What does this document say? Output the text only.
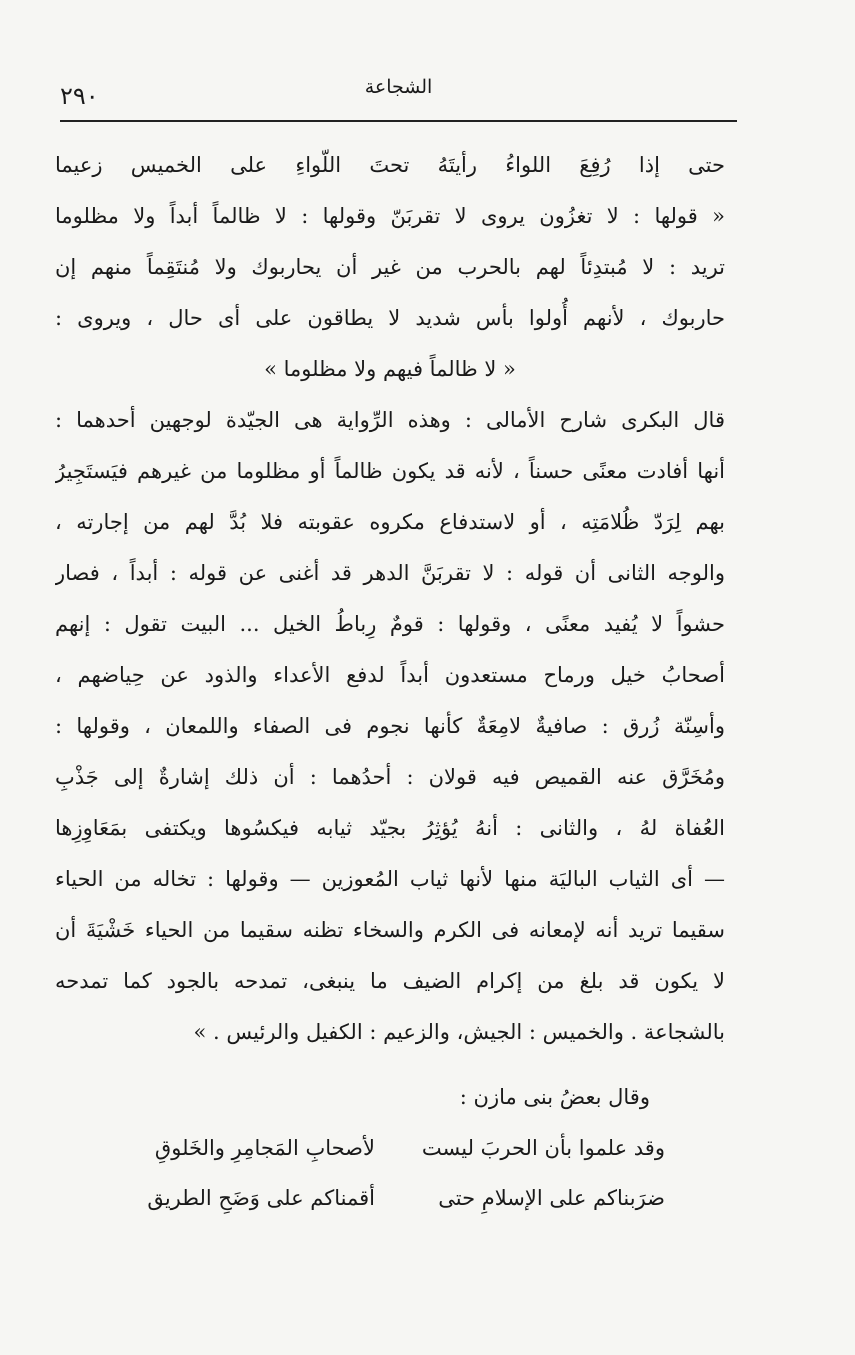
٢٩٠	الشجاعة
حتى إذا رُفِعَ اللواءُ رأيتَهُ تحتَ اللّواءِ على الخميس زعيما
« قولها : لا تغزُون يروى لا تقربَنّ وقولها : لا ظالماً أبداً ولا مظلوما
تريد : لا مُبتدِئاً لهم بالحرب من غير أن يحاربوك ولا مُنتَقِماً منهم إن
حاربوك ، لأنهم أُولوا بأس شديد لا يطاقون على أى حال ، ويروى :
« لا ظالماً فيهم ولا مظلوما »
قال البكرى شارح الأمالى : وهذه الرِّواية هى الجيّدة لوجهين أحدهما :
أنها أفادت معنًى حسناً ، لأنه قد يكون ظالماً أو مظلوما من غيرهم فيَستَجِيرُ
بهم لِرَدّ ظُلامَتِه ، أو لاستدفاع مكروه عقوبته فلا بُدَّ لهم من إجارته ،
والوجه الثانى أن قوله : لا تقربَنَّ الدهر قد أغنى عن قوله : أبداً ، فصار
حشواً لا يُفيد معنًى ، وقولها : قومٌ رِباطُ الخيل ... البيت تقول : إنهم
أصحابُ خيل ورماح مستعدون أبداً لدفع الأعداء والذود عن حِياضهم ،
وأسِنّة زُرق : صافيةٌ لامِعَةٌ كأنها نجوم فى الصفاء واللمعان ، وقولها :
ومُخَرَّق عنه القميص فيه قولان : أحدُهما : أن ذلك إشارةٌ إلى جَذْبِ
العُفاة لهُ ، والثانى : أنهُ يُؤثِرُ بجيّد ثيابه فيكسُوها ويكتفى بمَعَاوِزِها
— أى الثياب الباليَة منها لأنها ثياب المُعوزين — وقولها : تخاله من الحياء
سقيما تريد أنه لإمعانه فى الكرم والسخاء تظنه سقيما من الحياء خَشْيَةَ أن
لا يكون قد بلغ من إكرام الضيف ما ينبغى، تمدحه بالجود كما تمدحه
بالشجاعة . والخميس : الجيش، والزعيم : الكفيل والرئيس . »
وقال بعضُ بنى مازن :
وقد علموا بأن الحربَ ليست
لأصحابِ المَجامِرِ والخَلوقِ
ضرَبناكم على الإسلامِ حتى
أقمناكم على وَضَحِ الطريق
